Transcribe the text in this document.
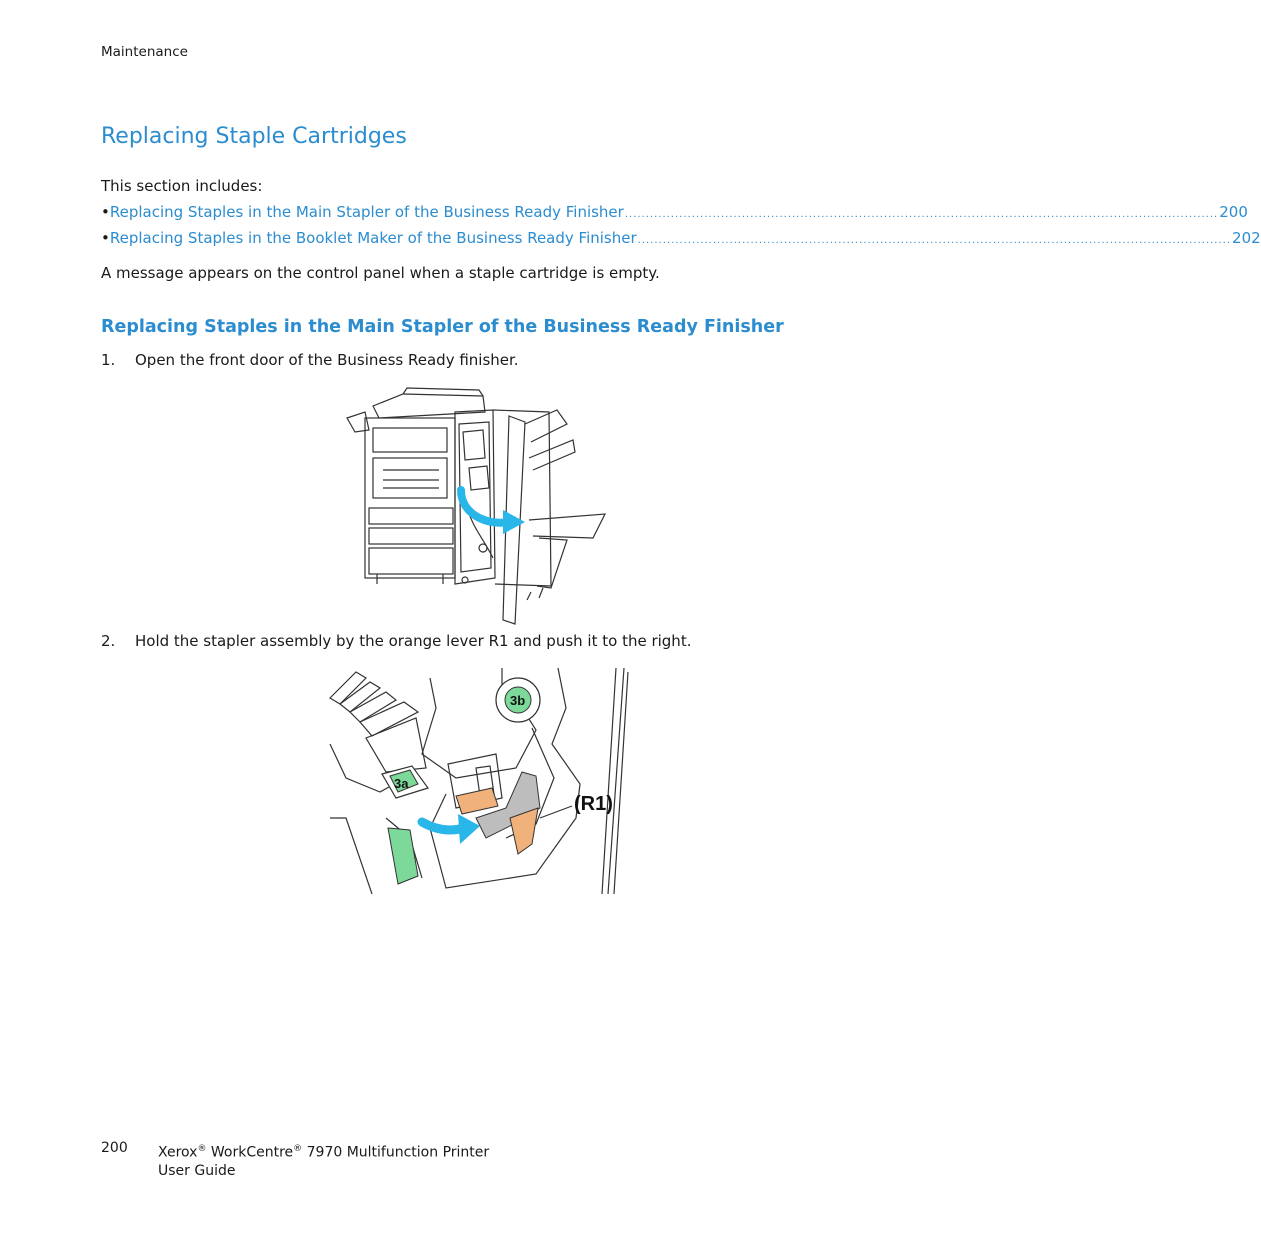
Maintenance
Replacing Staple Cartridges
This section includes:
• Replacing Staples in the Main Stapler of the Business Ready Finisher .............................................................................................................................................. 200
• Replacing Staples in the Booklet Maker of the Business Ready Finisher .............................................................................................................................................. 202
A message appears on the control panel when a staple cartridge is empty.
Replacing Staples in the Main Stapler of the Business Ready Finisher
1.	Open the front door of the Business Ready finisher.
2.	Hold the stapler assembly by the orange lever R1 and push it to the right.
(R1)
3b
3a
200 Xerox® WorkCentre® 7970 Multifunction Printer
User Guide
